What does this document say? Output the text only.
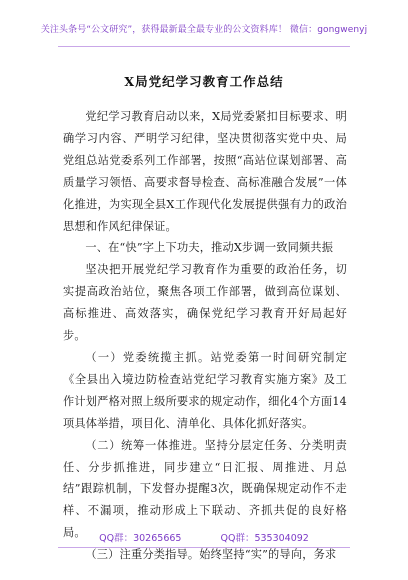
关注头条号“公文研究”，获得最新最全最专业的公文资料库！ 微信：gongwenyj
X局党纪学习教育工作总结

党纪学习教育启动以来，X局党委紧扣目标要求、明确学习内容、严明学习纪律，坚决贯彻落实党中央、局党组总站党委系列工作部署，按照“高站位谋划部署、高质量学习领悟、高要求督导检查、高标准融合发展”一体化推进，为实现全县X工作现代化发展提供强有力的政治思想和作风纪律保证。

一、在“快”字上下功夫，推动X步调一致同频共振

坚决把开展党纪学习教育作为重要的政治任务，切实提高政治站位，聚焦各项工作部署，做到高位谋划、高标推进、高效落实，确保党纪学习教育开好局起好步。

（一）党委统揽主抓。站党委第一时间研究制定《全县出入境边防检查站党纪学习教育实施方案》及工作计划严格对照上级所要求的规定动作，细化4个方面14项具体举措，项目化、清单化、具体化抓好落实。

（二）统筹一体推进。坚持分层定任务、分类明责任、分步抓推进，同步建立“日汇报、周推进、月总结”跟踪机制，下发督办提醒3次，既确保规定动作不走样、不漏项，推动形成上下联动、齐抓共促的良好格局。

（三）注重分类指导。始终坚持“实”的导向，务求

QQ群：30265665	QQ群：535304092
